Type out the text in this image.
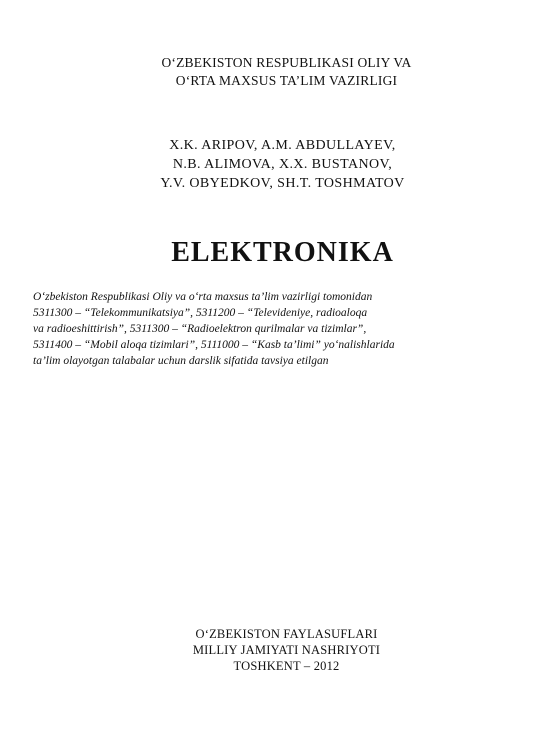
O‘ZBEKISTON RESPUBLIKASI OLIY VA
O‘RTA MAXSUS TA’LIM VAZIRLIGI
X.K. ARIPOV, A.M. ABDULLAYEV,
N.B. ALIMOVA, X.X. BUSTANOV,
Y.V. OBYEDKOV, SH.T. TOSHMATOV
ELEKTRONIKA
O‘zbekiston Respublikasi Oliy va o‘rta maxsus ta’lim vazirligi tomonidan
5311300 – “Telekommunikatsiya”, 5311200 – “Televideniye, radioaloqa
va radioeshittirish”, 5311300 – “Radioelektron qurilmalar va tizimlar”,
5311400 – “Mobil aloqa tizimlari”, 5111000 – “Kasb ta’limi” yo‘nalishlarida
ta’lim olayotgan talabalar uchun darslik sifatida tavsiya etilgan
O‘ZBEKISTON FAYLASUFLARI
MILLIY JAMIYATI NASHRIYOTI
TOSHKENT – 2012
